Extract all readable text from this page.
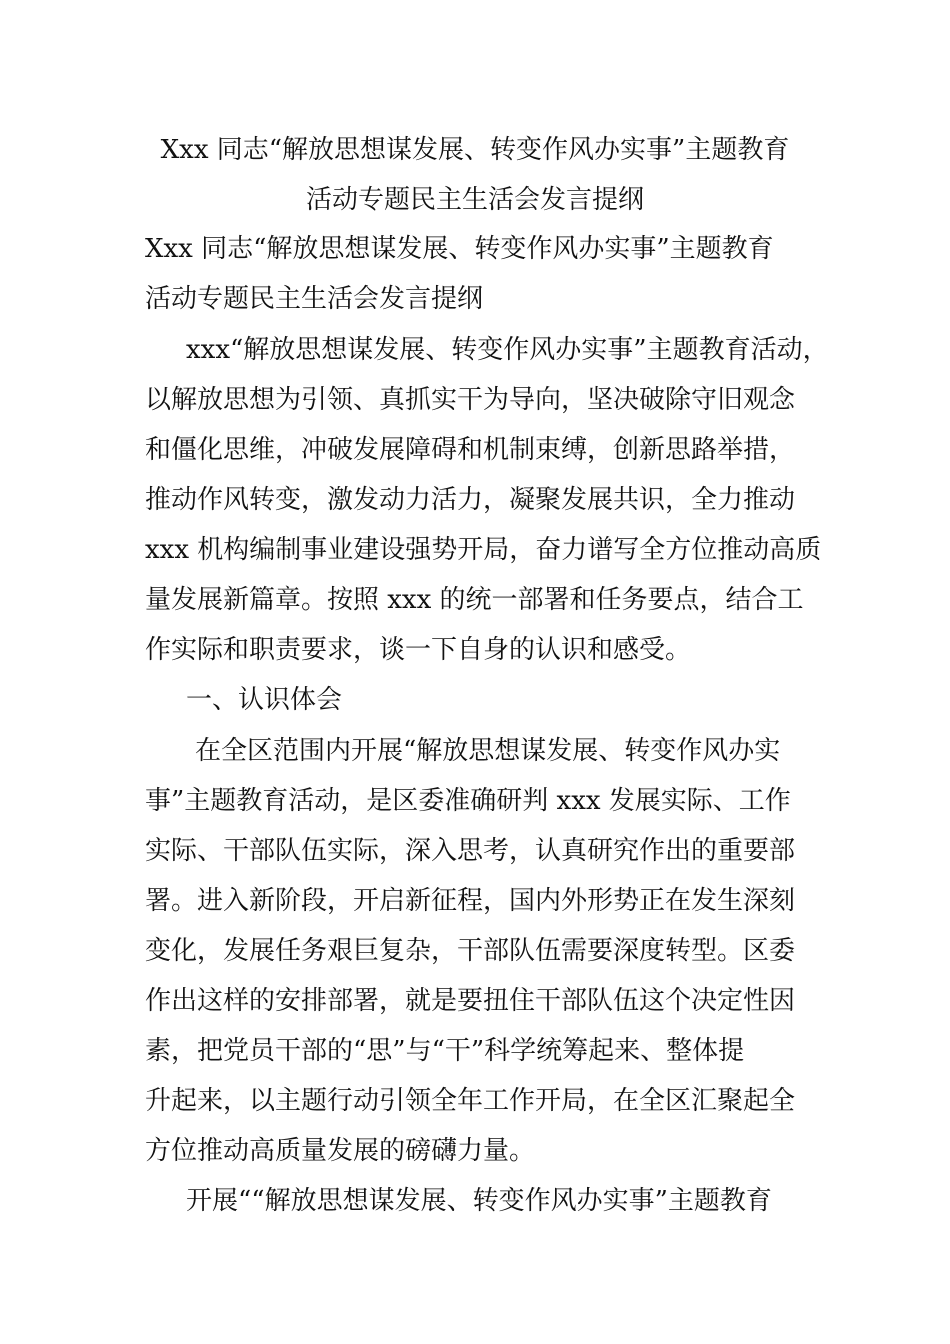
Xxx 同志“解放思想谋发展、转变作风办实事”主题教育
活动专题民主生活会发言提纲
Xxx 同志“解放思想谋发展、转变作风办实事”主题教育
活动专题民主生活会发言提纲
xxx“解放思想谋发展、转变作风办实事”主题教育活动，
以解放思想为引领、真抓实干为导向，坚决破除守旧观念
和僵化思维，冲破发展障碍和机制束缚，创新思路举措，
推动作风转变，激发动力活力，凝聚发展共识，全力推动
xxx 机构编制事业建设强势开局，奋力谱写全方位推动高质
量发展新篇章。按照 xxx 的统一部署和任务要点，结合工
作实际和职责要求，谈一下自身的认识和感受。
一、认识体会
在全区范围内开展“解放思想谋发展、转变作风办实
事”主题教育活动，是区委准确研判 xxx 发展实际、工作
实际、干部队伍实际，深入思考，认真研究作出的重要部
署。进入新阶段，开启新征程，国内外形势正在发生深刻
变化，发展任务艰巨复杂，干部队伍需要深度转型。区委
作出这样的安排部署，就是要扭住干部队伍这个决定性因
素，把党员干部的“思”与“干”科学统筹起来、整体提
升起来，以主题行动引领全年工作开局，在全区汇聚起全
方位推动高质量发展的磅礴力量。
开展““解放思想谋发展、转变作风办实事”主题教育
